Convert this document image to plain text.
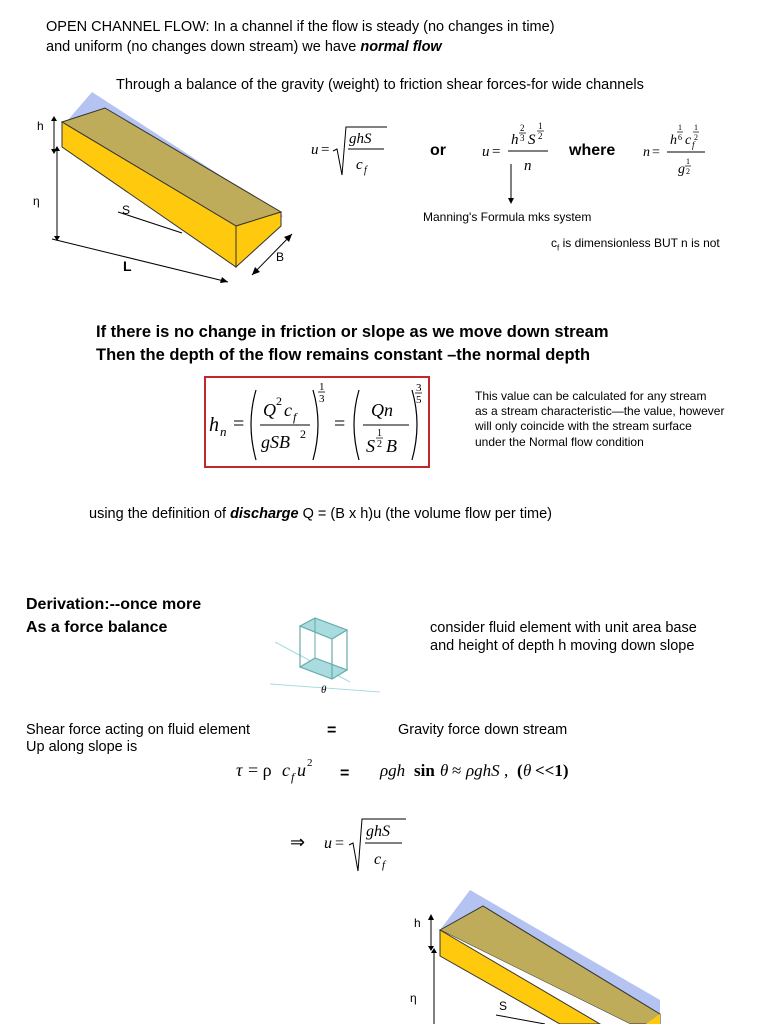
OPEN CHANNEL FLOW: In a channel if the flow is steady (no changes in time)
and uniform (no changes down stream) we have normal flow
Through a balance of the gravity (weight) to friction shear forces-for wide channels
h
η
S
L
B
u =
ghS
c f
or u =
h
2
3 S
1
2
n
where n =
h
1
6 c f
1
2
g
1
2
Manning's Formula mks system
$c_f$ is dimensionless BUT n is not
If there is no change in friction or slope as we move down stream
Then the depth of the flow remains constant –the normal depth
h n =
Q 2 c f
gSB 2
1
3
=
Qn
S
1
2 B
3
5	This value can be calculated for any stream
as a stream characteristic—the value, however
will only coincide with the stream surface
under the Normal flow condition
using the definition of discharge Q = (B x h)u (the volume flow per time)
Derivation:--once more
As a force balance
θ
consider fluid element with unit area base
and height of depth h moving down slope
Shear force acting on fluid element
Up along slope is
=	Gravity force down stream
τ = ρ c f u 2
= ρgh sin θ ≈ ρghS , ( θ <<1)
⇒ u =
ghS
c f
h
η
S
